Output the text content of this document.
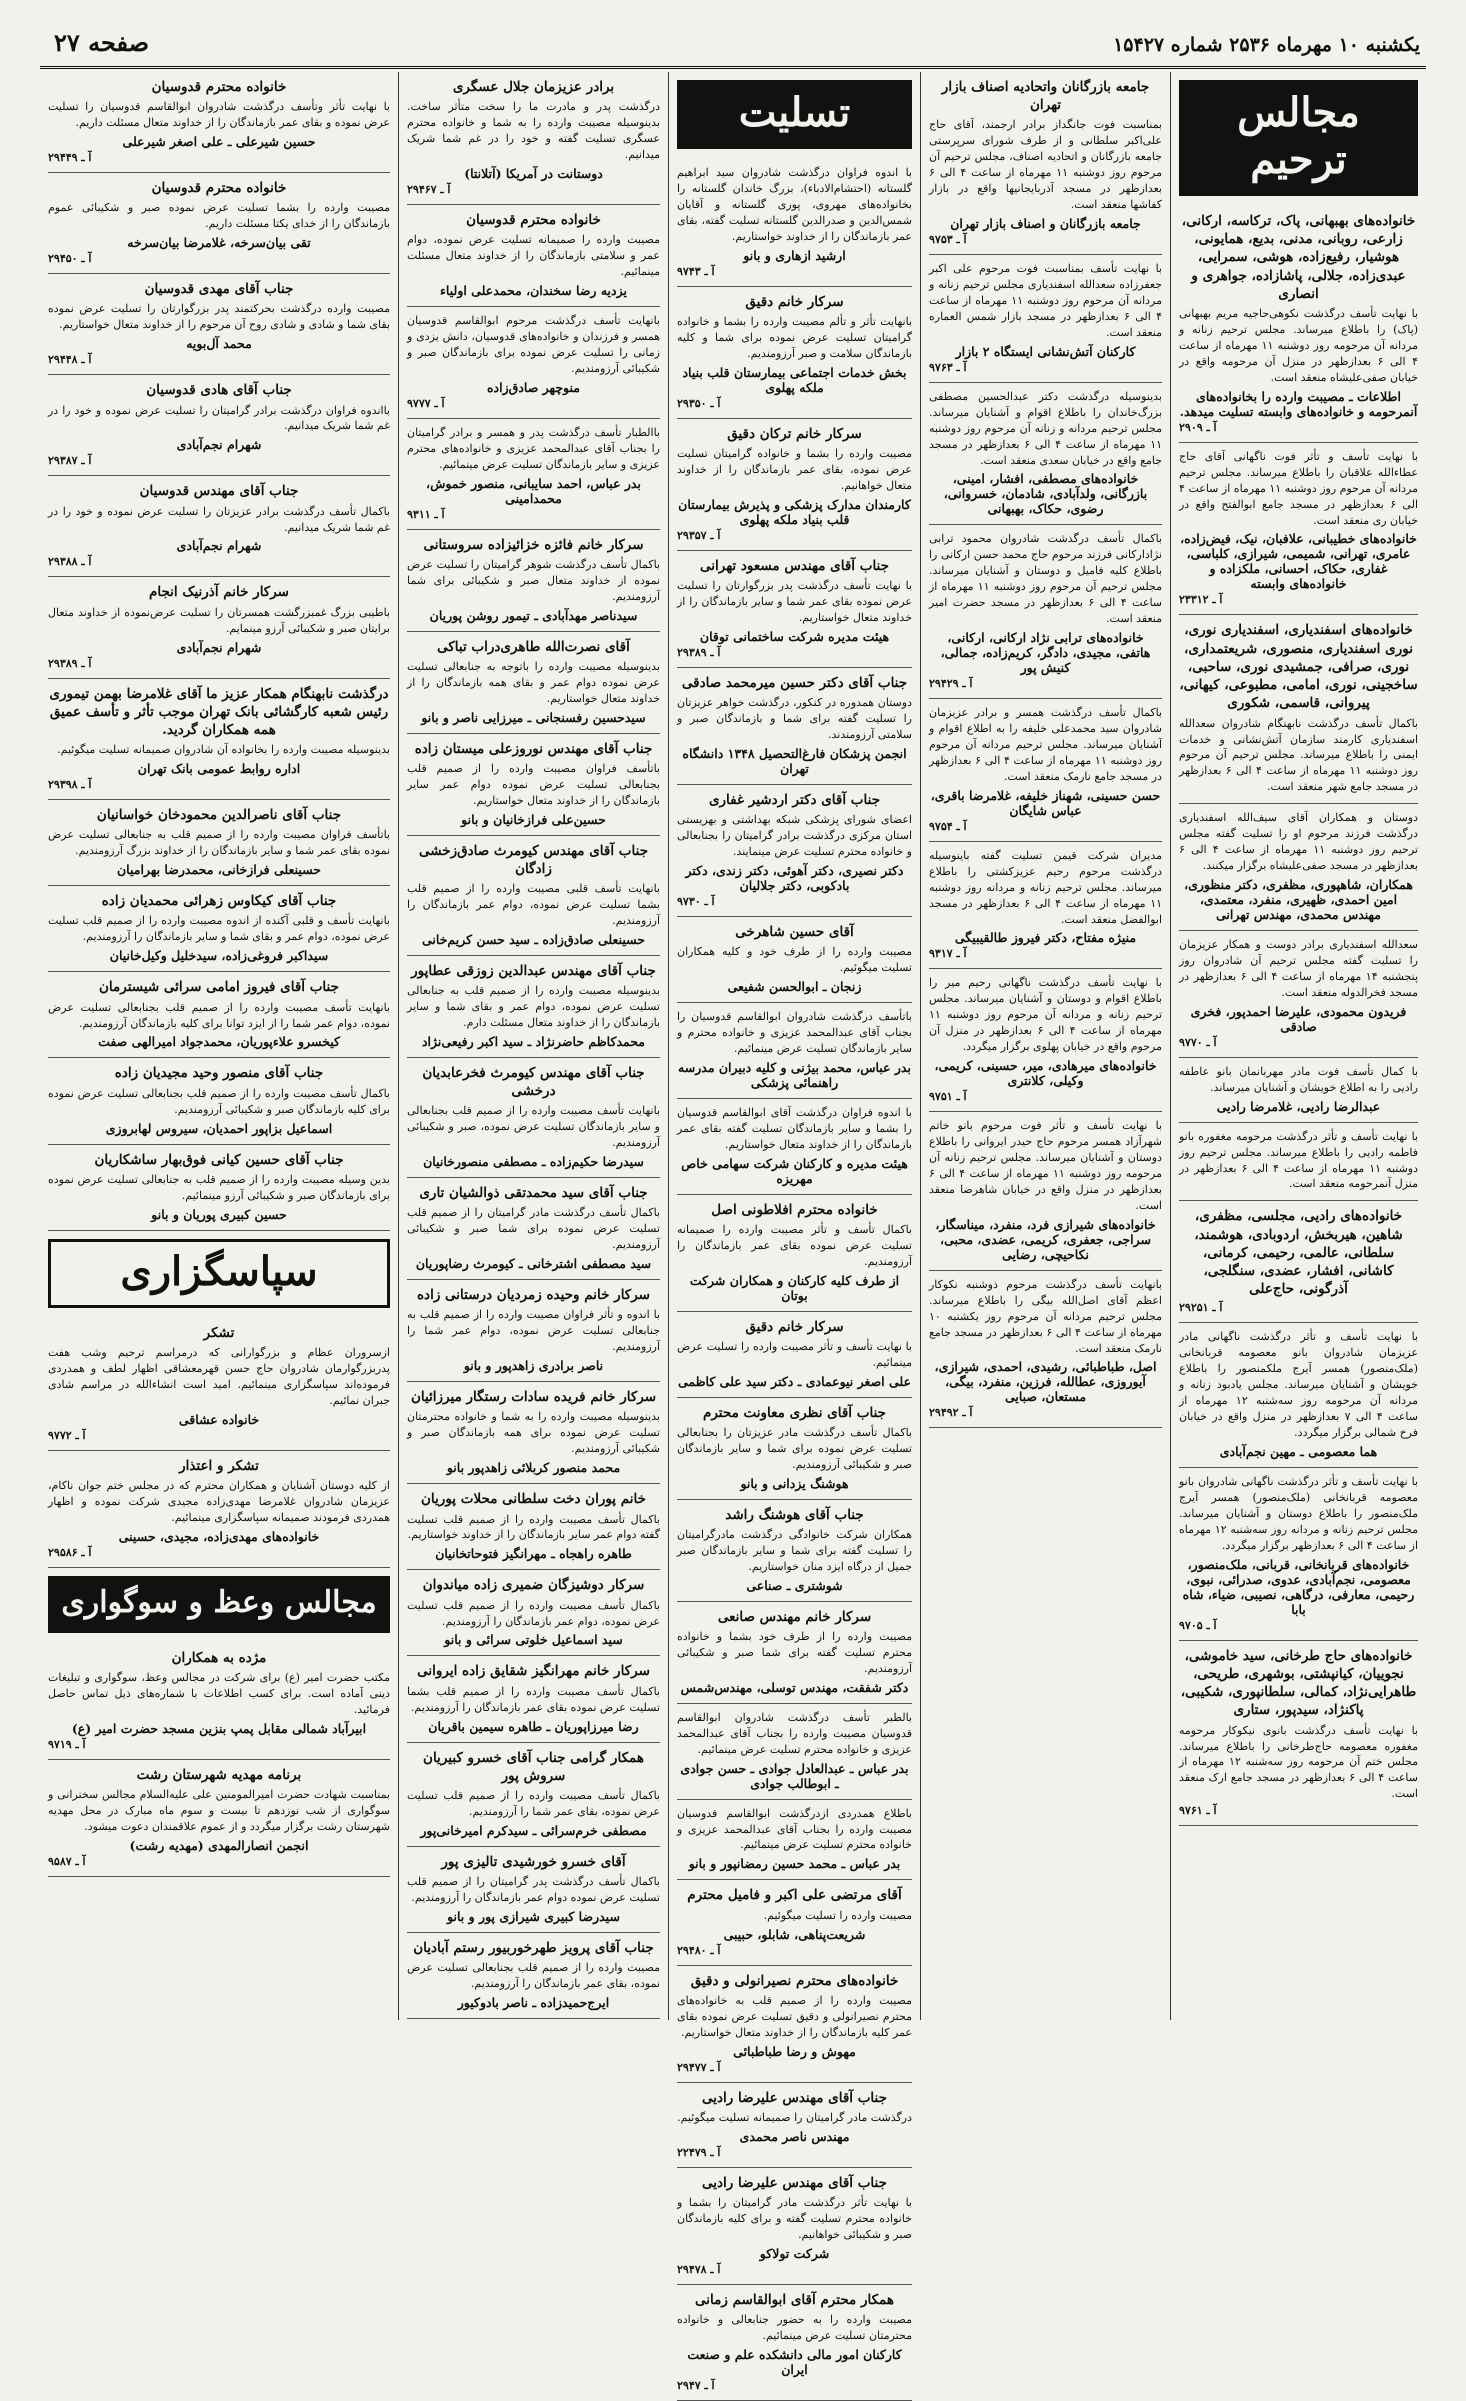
صفحه ۲۷	یکشنبه ۱۰ مهرماه ۲۵۳۶ شماره ۱۵۴۲۷
مجالس ترحیم
خانواده‌های بهبهانی، پاک، ترکاسه، ارکانی، زارعی، روبانی، مدنی، بدیع، همایونی، هوشیار، رفیع‌زاده، هوشی، سمرایی، عبدی‌زاده، جلالی، پاشا‌زاده، جواهری و انصاری
با نهایت تأسف درگذشت نکوهی‌حاجیه مریم بهبهانی (پاک) را باطلاع میرساند. مجلس ترحیم زنانه و مردانه آن مرحومه روز دوشنبه ۱۱ مهرماه از ساعت ۴ الی ۶ بعدازظهر در منزل آن مرحومه واقع در خیابان صفی‌علیشاه منعقد است.
اطلاعات ـ مصیبت وارده را بخانواده‌های آنمرحومه و خانواده‌های وابسته تسلیت میدهد.
آ ـ ۲۹۰۹
با نهایت تأسف و تأثر فوت ناگهانی آقای حاج عطاءالله علاقبان را باطلاع میرساند. مجلس ترحیم مردانه آن مرحوم روز دوشنبه ۱۱ مهرماه از ساعت ۴ الی ۶ بعدازظهر در مسجد جامع ابوالفتح واقع در خیابان ری منعقد است.
خانواده‌های خطیبانی، علافبان، نیک، فیض‌زاده، عامری، تهرانی، شمیمی، شیرازی، کلباسی، غفاری، حکاک، احسانی، ملکزاده و خانواده‌های وابسته
آ ـ ۲۳۳۱۲
خانواده‌های اسفندیاری، اسفندیاری نوری، نوری اسفندیاری، منصوری، شریعتمداری، نوری، صرافی، جمشیدی نوری، ساحبی، ساخجینی، نوری، امامی، مطبوعی، کیهانی، پیروانی، قاسمی، شکوری
باکمال تأسف درگذشت نابهنگام شادروان سعدالله اسفندیاری کارمند سازمان آتش‌نشانی و خدمات ایمنی را باطلاع میرساند. مجلس ترحیم آن مرحوم روز دوشنبه ۱۱ مهرماه از ساعت ۴ الی ۶ بعدازظهر در مسجد جامع شهر منعقد است.
دوستان و همکاران آقای سیف‌الله اسفندیاری درگذشت فرزند مرحوم او را تسلیت گفته مجلس ترحیم روز دوشنبه ۱۱ مهرماه از ساعت ۴ الی ۶ بعدازظهر در مسجد صفی‌علیشاه برگزار میکنند.
همکاران، شاهپوری، مظفری، دکتر منظوری، امین احمدی، ظهیری، منفرد، معتمدی، مهندس محمدی، مهندس تهرانی
سعدالله اسفندیاری برادر دوست و همکار عزیزمان را تسلیت گفته مجلس ترحیم آن شادروان روز پنجشنبه ۱۴ مهرماه از ساعت ۴ الی ۶ بعدازظهر در مسجد فخرالدوله منعقد است.
فریدون محمودی، علیرضا احمدپور، فخری صادقی
آ ـ ۹۷۷۰
با کمال تأسف فوت مادر مهربانمان بانو عاطفه رادیی را به اطلاع خویشان و آشنایان میرساند.
عبدالرضا رادیی، غلامرضا رادیی
با نهایت تأسف و تأثر درگذشت مرحومه مغفوره بانو فاطمه رادیی را باطلاع میرساند. مجلس ترحیم روز دوشنبه ۱۱ مهرماه از ساعت ۴ الی ۶ بعدازظهر در منزل آنمرحومه منعقد است.
خانواده‌های رادیی، مجلسی، مظفری، شاهین، هیربخش، اردوبادی، هوشمند، سلطانی، عالمی، رحیمی، کرمانی، کاشانی، افشار، عضدی، سنگلجی، آذرگونی، حاج‌علی
آ ـ ۲۹۲۵۱
با نهایت تأسف و تأثر درگذشت ناگهانی مادر عزیزمان شادروان بانو معصومه قربانخانی (ملک‌منصور) همسر آیرج ملکمنصور را باطلاع خویشان و آشنایان میرساند. مجلس یادبود زنانه و مردانه آن مرحومه روز سه‌شنبه ۱۲ مهرماه از ساعت ۴ الی ۷ بعدازظهر در منزل واقع در خیابان فرخ شمالی برگزار میگردد.
هما معصومی ـ مهین نجم‌آبادی
با نهایت تأسف و تأثر درگذشت ناگهانی شادروان بانو معصومه قربانخانی (ملک‌منصور) همسر آیرج ملک‌منصور را باطلاع دوستان و آشنایان میرساند. مجلس ترحیم زنانه و مردانه روز سه‌شنبه ۱۲ مهرماه از ساعت ۴ الی ۶ بعدازظهر برگزار میگردد.
خانواده‌های قربانخانی، قربانی، ملک‌منصور، معصومی، نجم‌آبادی، عدوی، صدرائی، نبوی، رحیمی، معارفی، درگاهی، نصیبی، ضیاء، شاه بابا
آ ـ ۹۷۰۵
خانواده‌های حاج طرخانی، سید خاموشی، نجوییان، کیانپشتی، بوشهری، طریحی، طاهرایی‌نژاد، کمالی، سلطانپوری، شکیبی، پاکنژاد، سیدپور، ستاری
با نهایت تأسف درگذشت بانوی نیکوکار مرحومه مغفوره معصومه حاج‌طرخانی را باطلاع میرساند. مجلس ختم آن مرحومه روز سه‌شنبه ۱۲ مهرماه از ساعت ۴ الی ۶ بعدازظهر در مسجد جامع ارک منعقد است.
آ ـ ۹۷۶۱
جامعه بازرگانان واتحادیه اصناف بازار تهران
بمناسبت فوت جانگداز برادر ارجمند، آقای حاج علی‌اکبر سلطانی و از طرف شورای سرپرستی جامعه بازرگانان و اتحادیه اصناف، مجلس ترحیم آن مرحوم روز دوشنبه ۱۱ مهرماه از ساعت ۴ الی ۶ بعدازظهر در مسجد آذربایجانیها واقع در بازار کفاشها منعقد است.
جامعه بازرگانان و اصناف بازار تهران
آ ـ ۹۷۵۳
با نهایت تأسف بمناسبت فوت مرحوم علی اکبر جعفرزاده سعدالله اسفندیاری مجلس ترحیم زنانه و مردانه آن مرحوم روز دوشنبه ۱۱ مهرماه از ساعت ۴ الی ۶ بعدازظهر در مسجد بازار شمس العماره منعقد است.
کارکنان آتش‌نشانی ایستگاه ۲ بازار
آ ـ ۹۷۶۳
بدینوسیله درگذشت دکتر عبدالحسین مصطفی بزرگ‌خاندان را باطلاع اقوام و آشنایان میرساند. مجلس ترحیم مردانه و زنانه آن مرحوم روز دوشنبه ۱۱ مهرماه از ساعت ۴ الی ۶ بعدازظهر در مسجد جامع واقع در خیابان سعدی منعقد است.
خانواده‌های مصطفی، افشار، امینی، بازرگانی، ولدآبادی، شادمان، خسروانی، رضوی، حکاک، بهبهانی
باکمال تأسف درگذشت شادروان محمود ترابی نژادارکانی فرزند مرحوم حاج محمد حسن ارکانی را باطلاع کلیه فامیل و دوستان و آشنایان میرساند. مجلس ترحیم آن مرحوم روز دوشنبه ۱۱ مهرماه از ساعت ۴ الی ۶ بعدازظهر در مسجد حضرت امیر منعقد است.
خانواده‌های ترابی نژاد ارکانی، ارکانی، هاتفی، مجیدی، دادگر، کریم‌زاده، جمالی، کنیش پور
آ ـ ۲۹۴۲۹
باکمال تأسف درگذشت همسر و برادر عزیزمان شادروان سید محمدعلی خلیفه را به اطلاع اقوام و آشنایان میرساند. مجلس ترحیم مردانه آن مرحوم روز دوشنبه ۱۱ مهرماه از ساعت ۴ الی ۶ بعدازظهر در مسجد جامع نارمک منعقد است.
حسن حسینی، شهناز خلیفه، غلامرضا باقری، عباس شایگان
آ ـ ۹۷۵۴
مدیران شرکت قیمن تسلیت گفته باینوسیله درگذشت مرحوم رحیم عزیزکشتی را باطلاع میرساند. مجلس ترحیم زنانه و مردانه روز دوشنبه ۱۱ مهرماه از ساعت ۴ الی ۶ بعدازظهر در مسجد ابوالفضل منعقد است.
منیژه مفتاح، دکتر فیروز طالقیبیگی
آ ـ ۹۳۱۷
با نهایت تأسف درگذشت ناگهانی رحیم میر را باطلاع اقوام و دوستان و آشنایان میرساند. مجلس ترحیم زنانه و مردانه آن مرحوم روز دوشنبه ۱۱ مهرماه از ساعت ۴ الی ۶ بعدازظهر در منزل آن مرحوم واقع در خیابان پهلوی برگزار میگردد.
خانواده‌های میرهادی، میر، حسینی، کریمی، وکیلی، کلانتری
آ ـ ۹۷۵۱
با نهایت تأسف و تأثر فوت مرحوم بانو خاتم شهرآزاد همسر مرحوم حاج حیدر ایروانی را باطلاع دوستان و آشنایان میرساند. مجلس ترحیم زنانه آن مرحومه روز دوشنبه ۱۱ مهرماه از ساعت ۴ الی ۶ بعدازظهر در منزل واقع در خیابان شاهرضا منعقد است.
خانواده‌های شیرازی فرد، منفرد، میناسگار، سراجی، جعفری، کریمی، عضدی، محبی، نکاحیچی، رضایی
بانهایت تأسف درگذشت مرحوم ذوشنبه نکوکار اعظم آقای اصل‌الله بیگی را باطلاع میرساند. مجلس ترحیم مردانه آن مرحوم روز یکشنبه ۱۰ مهرماه از ساعت ۴ الی ۶ بعدازظهر در مسجد جامع نارمک منعقد است.
اصل، طباطبائی، رشیدی، احمدی، شیرازی، آیوروزی، عطالله، فرزین، منفرد، بیگی، مستعان، صبایی
آ ـ ۲۹۴۹۲
تسلیت
با اندوه فراوان درگذشت شادروان سید ابراهیم گلستانه (احتشام‌الادباء)، بزرگ خاندان گلستانه را بخانواده‌های مهروی، پوری گلستانه و آقایان شمس‌الدین و صدرالدین گلستانه تسلیت گفته، بقای عمر بازماندگان را از خداوند خواستاریم.
ارشید ازهاری و بانو
آ ـ ۹۷۴۳
سرکار خانم دقیق
بانهایت تأثر و تألم مصیبت وارده را بشما و خانواده گرامیتان تسلیت عرض نموده برای شما و کلیه بازماندگان سلامت و صبر آرزومندیم.
بخش خدمات اجتماعی بیمارستان قلب بنیاد ملکه پهلوی
آ ـ ۲۹۳۵۰
سرکار خانم ترکان دقیق
مصیبت وارده را بشما و خانواده گرامیتان تسلیت عرض نموده، بقای عمر بازماندگان را از خداوند متعال خواهانیم.
کارمندان مدارک پزشکی و پذیرش بیمارستان قلب بنیاد ملکه پهلوی
آ ـ ۲۹۳۵۷
جناب آقای مهندس مسعود تهرانی
با نهایت تأسف درگذشت پدر بزرگوارتان را تسلیت عرض نموده بقای عمر شما و سایر بازماندگان را از خداوند متعال خواستاریم.
هیئت مدیره شرکت ساختمانی توقان
آ ـ ۲۹۳۸۹
جناب آقای دکتر حسین میرمحمد صادقی
دوستان همدوره در کنکور، درگذشت خواهر عزیزتان را تسلیت گفته برای شما و بازماندگان صبر و سلامتی آرزومندند.
انجمن پزشکان فارغ‌التحصیل ۱۳۴۸ دانشگاه تهران
جناب آقای دکتر اردشیر غفاری
اعضای شورای پزشکی شبکه بهداشتی و بهزیستی استان مرکزی درگذشت برادر گرامیتان را بجنابعالی و خانواده محترم تسلیت عرض مینمایند.
دکتر نصیری، دکتر آهوئی، دکتر زندی، دکتر بادکوبی، دکتر جلالیان
آ ـ ۹۷۳۰
آقای حسین شاهرخی
مصیبت وارده را از طرف خود و کلیه همکاران تسلیت میگوئیم.
زنجان ـ ابوالحسن شفیعی
باتأسف درگذشت شادروان ابوالقاسم قدوسیان را بجناب آقای عبدالمحمد عزیزی و خانواده محترم و سایر بازماندگان تسلیت عرض مینمائیم.
بدر عباس، محمد بیژنی و کلیه دبیران مدرسه راهنمائی پزشکی
با اندوه فراوان درگذشت آقای ابوالقاسم قدوسیان را بشما و سایر بازماندگان تسلیت گفته بقای عمر بازماندگان را از خداوند متعال خواستاریم.
هیئت مدیره و کارکنان شرکت سهامی خاص مهریزه
خانواده محترم افلاطونی اصل
باکمال تأسف و تأثر مصیبت وارده را صمیمانه تسلیت عرض نموده بقای عمر بازماندگان را آرزومندیم.
از طرف کلیه کارکنان و همکاران شرکت بوتان
سرکار خانم دقیق
با نهایت تأسف و تأثر مصیبت وارده را تسلیت عرض مینمائیم.
علی اصغر نیوعمادی ـ دکتر سید علی کاظمی
جناب آقای نظری معاونت محترم
باکمال تأسف درگذشت مادر عزیزتان را بجنابعالی تسلیت عرض نموده برای شما و سایر بازماندگان صبر و شکیبائی آرزومندیم.
هوشنگ یزدانی و بانو
جناب آقای هوشنگ راشد
همکاران شرکت خانوادگی درگذشت مادرگرامیتان را تسلیت گفته برای شما و سایر بازماندگان صبر جمیل از درگاه ایزد منان خواستاریم.
شوشتری ـ صناعی
سرکار خانم مهندس صانعی
مصیبت وارده را از طرف خود بشما و خانواده محترم تسلیت گفته برای شما صبر و شکیبائی آرزومندیم.
دکتر شفقت، مهندس توسلی، مهندس‌شمس
بالطبر تأسف درگذشت شادروان ابوالقاسم قدوسیان مصیبت وارده را بجناب آقای عبدالمحمد عزیزی و خانواده محترم تسلیت عرض مینمائیم.
بدر عباس ـ عبدالعادل جوادی ـ حسن جوادی ـ ابوطالب جوادی
باطلاع همدردی ازدرگذشت ابوالقاسم قدوسیان مصیبت وارده را بجناب آقای عبدالمحمد عزیزی و خانواده محترم تسلیت عرض مینمائیم.
بدر عباس ـ محمد حسین رمضانپور و بانو
آقای مرتضی علی اکبر و فامیل محترم
مصیبت وارده را تسلیت میگوئیم.
شریعت‌پناهی، شابلو، حبیبی
آ ـ ۲۹۴۸۰
خانواده‌های محترم نصیرانولی و دقیق
مصیبت وارده را از صمیم قلب به خانواده‌های محترم نصیرانولی و دقیق تسلیت عرض نموده بقای عمر کلیه بازماندگان را از خداوند متعال خواستاریم.
مهوش و رضا طباطبائی
آ ـ ۲۹۴۷۷
جناب آقای مهندس علیرضا رادیی
درگذشت مادر گرامیتان را صمیمانه تسلیت میگوئیم.
مهندس ناصر محمدی
آ ـ ۲۲۴۷۹
جناب آقای مهندس علیرضا رادیی
با نهایت تأثر درگذشت مادر گرامیتان را بشما و خانواده محترم تسلیت گفته و برای کلیه بازماندگان صبر و شکیبائی خواهانیم.
شرکت تولاکو
آ ـ ۲۹۴۷۸
همکار محترم آقای ابوالقاسم زمانی
مصیبت وارده را به حضور جنابعالی و خانواده محترمتان تسلیت عرض مینمائیم.
کارکنان امور مالی دانشکده علم و صنعت ایران
آ ـ ۲۹۴۷
برادر عزیزمان جلال عسگری
درگذشت پدر و مادرت ما را سخت متأثر ساخت. بدینوسیله مصیبت وارده را به شما و خانواده محترم عسگری تسلیت گفته و خود را در غم شما شریک میدانیم.
دوستانت در آمریکا (آتلانتا)
آ ـ ۲۹۴۶۷
خانواده محترم قدوسیان
مصیبت وارده را صمیمانه تسلیت عرض نموده، دوام عمر و سلامتی بازماندگان را از خداوند متعال مسئلت مینمائیم.
یزدیه رضا سخندان، محمدعلی اولیاء
بانهایت تأسف درگذشت مرحوم ابوالقاسم قدوسیان همسر و فرزندان و خانواده‌های قدوسیان، دانش یزدی و زمانی را تسلیت عرض نموده برای بازماندگان صبر و شکیبائی آرزومندیم.
منوچهر صادق‌زاده
آ ـ ۹۷۷۷
باالطبار تأسف درگذشت پدر و همسر و برادر گرامیتان را بجناب آقای عبدالمحمد عزیزی و خانواده‌های محترم عزیزی و سایر بازماندگان تسلیت عرض مینمائیم.
بدر عباس، احمد سایبانی، منصور خموش، محمدامینی
آ ـ ۹۳۱۱
سرکار خانم فائزه خزائیزاده سروستانی
باکمال تأسف درگذشت شوهر گرامیتان را تسلیت عرض نموده از خداوند متعال صبر و شکیبائی برای شما آرزومندیم.
سیدناصر مهدآبادی ـ تیمور روشن پوریان
آقای نصرت‌الله طاهری‌دراب تباکی
بدینوسیله مصیبت وارده را باتوجه به جنابعالی تسلیت عرض نموده دوام عمر و بقای همه بازماندگان را از خداوند متعال خواستاریم.
سیدحسین رفسنجانی ـ میرزایی ناصر و بانو
جناب آقای مهندس نوروزعلی میستان زاده
باتأسف فراوان مصیبت وارده را از صمیم قلب بجنابعالی تسلیت عرض نموده دوام عمر سایر بازماندگان را از خداوند متعال خواستاریم.
حسین‌علی فرازخانیان و بانو
جناب آقای مهندس کیومرث صادق‌زخشی زادگان
بانهایت تأسف قلبی مصیبت وارده را از صمیم قلب بشما تسلیت عرض نموده، دوام عمر بازماندگان را آرزومندیم.
حسینعلی صادق‌زاده ـ سید حسن کریم‌خانی
جناب آقای مهندس عبدالدین زوزقی عطاپور
بدینوسیله مصیبت وارده را از صمیم قلب به جنابعالی تسلیت عرض نموده، دوام عمر و بقای شما و سایر بازماندگان را از خداوند متعال مسئلت دارم.
محمدکاظم حاضرنژاد ـ سید اکبر رفیعی‌نژاد
جناب آقای مهندس کیومرث فخرعابدیان درخشی
بانهایت تأسف مصیبت وارده را از صمیم قلب بجنابعالی و سایر بازماندگان تسلیت عرض نموده، صبر و شکیبائی آرزومندیم.
سیدرضا حکیم‌زاده ـ مصطفی منصورخانیان
جناب آقای سید محمدتقی ذوالشیان تاری
باکمال تأسف درگذشت مادر گرامیتان را از صمیم قلب تسلیت عرض نموده برای شما صبر و شکیبائی آرزومندیم.
سید مصطفی اشترخانی ـ کیومرث رضاپوریان
سرکار خانم وحیده زمردیان درستانی زاده
با اندوه و تأثر فراوان مصیبت وارده را از صمیم قلب به جنابعالی تسلیت عرض نموده، دوام عمر شما را آرزومندیم.
ناصر برادری زاهدپور و بانو
سرکار خانم فریده سادات رستگار میرزائیان
بدینوسیله مصیبت وارده را به شما و خانواده محترمتان تسلیت عرض نموده برای همه بازماندگان صبر و شکیبائی آرزومندیم.
محمد منصور کربلائی زاهدپور بانو
خانم پوران دخت سلطانی محلات پوریان
باکمال تأسف مصیبت وارده را از صمیم قلب تسلیت گفته دوام عمر سایر بازماندگان را از خداوند خواستاریم.
طاهره راهجاه ـ مهرانگیز فتوحاتخانیان
سرکار دوشیزگان ضمیری زاده میاندوان
باکمال تأسف مصیبت وارده را از صمیم قلب تسلیت عرض نموده، دوام عمر بازماندگان را آرزومندیم.
سید اسماعیل خلوتی سرائی و بانو
سرکار خانم مهرانگیز شقایق زاده ایروانی
باکمال تأسف مصیبت وارده را از صمیم قلب بشما تسلیت عرض نموده بقای عمر بازماندگان را آرزومندیم.
رضا میرزاپوریان ـ طاهره سیمین باقریان
همکار گرامی جناب آقای خسرو کبیریان سروش پور
باکمال تأسف مصیبت وارده را از صمیم قلب تسلیت عرض نموده، بقای عمر شما را آرزومندیم.
مصطفی خرم‌سرائی ـ سیدکرم امیرخانی‌پور
آقای خسرو خورشیدی تالیزی پور
باکمال تأسف درگذشت پدر گرامیتان را از صمیم قلب تسلیت عرض نموده دوام عمر بازماندگان را آرزومندیم.
سیدرضا کبیری شیرازی پور و بانو
جناب آقای پرویز طهرخوربیور رستم آبادیان
مصیبت وارده را از صمیم قلب بجنابعالی تسلیت عرض نموده، بقای عمر بازماندگان را آرزومندیم.
ایرج‌حمیدزاده ـ ناصر بادوکیور
خانواده محترم قدوسیان
با نهایت تأثر وتأسف درگذشت شادروان ابوالقاسم قدوسیان را تسلیت عرض نموده و بقای عمر بازماندگان را از خداوند متعال مسئلت داریم.
حسین شیرعلی ـ علی اصغر شیرعلی
آ ـ ۲۹۴۴۹
خانواده محترم قدوسیان
مصیبت وارده را بشما تسلیت عرض نموده صبر و شکیبائی عموم بازماندگان را از خدای یکتا مسئلت داریم.
تقی بیان‌سرخه، غلامرضا بیان‌سرخه
آ ـ ۲۹۴۵۰
جناب آقای مهدی قدوسیان
مصیبت وارده درگذشت بحرکتمند پدر بزرگوارتان را تسلیت عرض نموده بقای شما و شادی و شادی روح آن مرحوم را از خداوند متعال خواستاریم.
محمد آل‌بویه
آ ـ ۲۹۴۴۸
جناب آقای هادی قدوسیان
بااندوه فراوان درگذشت برادر گرامیتان را تسلیت عرض نموده و خود را در غم شما شریک میدانیم.
شهرام نجم‌آبادی
آ ـ ۲۹۳۸۷
جناب آقای مهندس قدوسیان
باکمال تأسف درگذشت برادر عزیزتان را تسلیت عرض نموده و خود را در غم شما شریک میدانیم.
شهرام نجم‌آبادی
آ ـ ۲۹۳۸۸
سرکار خانم آذرنیک انجام
باطیبی بزرگ غمبزرگشت همسرتان را تسلیت عرض‌نموده از خداوند متعال برایتان صبر و شکیبائی آرزو مینمایم.
شهرام نجم‌آبادی
آ ـ ۲۹۳۸۹
درگذشت نابهنگام همکار عزیز ما آقای غلامرضا بهمن تیموری رئیس شعبه کارگشائی بانک تهران موجب تأثر و تأسف عمیق همه همکاران گردید.
بدینوسیله مصیبت وارده را بخانواده آن شادروان صمیمانه تسلیت میگوئیم.
اداره روابط عمومی بانک تهران
آ ـ ۲۹۳۹۸
جناب آقای ناصرالدین محمودخان خواسانیان
باتأسف فراوان مصیبت وارده را از صمیم قلب به جنابعالی تسلیت عرض نموده بقای عمر شما و سایر بازماندگان را از خداوند بزرگ آرزومندیم.
حسینعلی فرازخانی، محمدرضا بهرامیان
جناب آقای کیکاوس زهرائی محمدیان زاده
بانهایت تأسف و قلبی آکنده از اندوه مصیبت وارده را از صمیم قلب تسلیت عرض نموده، دوام عمر و بقای شما و سایر بازماندگان را آرزومندیم.
سیداکبر فروغی‌زاده، سیدخلیل وکیل‌خانیان
جناب آقای فیروز امامی سرائی شیسترمان
بانهایت تأسف مصیبت وارده را از صمیم قلب بجنابعالی تسلیت عرض نموده، دوام عمر شما را از ایزد توانا برای کلیه بازماندگان آرزومندیم.
کیخسرو علاءپوریان، محمدجواد امیرالهی صفت
جناب آقای منصور وحید مجیدیان زاده
باکمال تأسف مصیبت وارده را از صمیم قلب بجنابعالی تسلیت عرض نموده برای کلیه بازماندگان صبر و شکیبائی آرزومندیم.
اسماعیل بزاپور احمدیان، سیروس لهابروزی
جناب آقای حسین کیانی فوق‌بهار ساشکاریان
بدین وسیله مصیبت وارده را از صمیم قلب به جنابعالی تسلیت عرض نموده برای بازماندگان صبر و شکیبائی آرزو مینمائیم.
حسین کبیری پوریان و بانو
سپاسگزاری
تشکر
ازسروران عظام و بزرگوارانی که درمراسم ترحیم وشب هفت پدربزرگوارمان شادروان حاج حسن قهرمعشاقی اظهار لطف و همدردی فرموده‌اند سپاسگزاری مینمائیم. امید است انشاءالله در مراسم شادی جبران نمائیم.
خانواده عشاقی
آ ـ ۹۷۷۲
تشکر و اعتذار
از کلیه دوستان آشنایان و همکاران محترم که در مجلس ختم جوان ناکام، عزیزمان شادروان غلامرضا مهدی‌زاده مجیدی شرکت نموده و اظهار همدردی فرمودند صمیمانه سپاسگزاری مینمائیم.
خانواده‌های مهدی‌زاده، مجیدی، حسینی
آ ـ ۲۹۵۸۶
مجالس وعظ و سوگواری
مژده به همکاران
مکتب حضرت امیر (ع) برای شرکت در مجالس وعظ، سوگواری و تبلیغات دینی آماده است. برای کسب اطلاعات با شماره‌های ذیل تماس حاصل فرمائید.
ابیرآباد شمالی مقابل پمپ بنزین مسجد حضرت امیر (ع)
آ ـ ۹۷۱۹
برنامه مهدیه شهرستان رشت
بمناسبت شهادت حضرت امیرالمومنین علی علیه‌السلام مجالس سخنرانی و سوگواری از شب نوزدهم تا بیست و سوم ماه مبارک در محل مهدیه شهرستان رشت برگزار میگردد و از عموم علاقمندان دعوت میشود.
انجمن انصارالمهدی (مهدیه رشت)
آ ـ ۹۵۸۷
